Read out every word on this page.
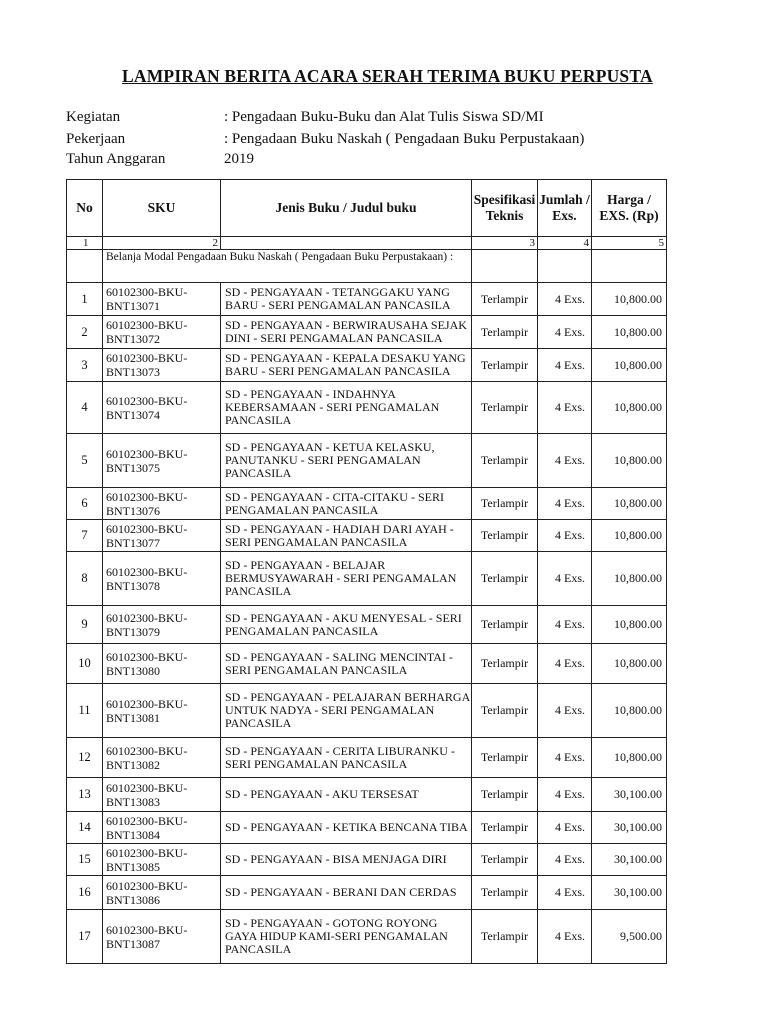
LAMPIRAN BERITA ACARA SERAH TERIMA BUKU PERPUSTA
Kegiatan	: Pengadaan Buku-Buku dan Alat Tulis Siswa SD/MI
Pekerjaan	: Pengadaan Buku Naskah ( Pengadaan Buku Perpustakaan)
Tahun Anggaran	2019
No	SKU	Jenis Buku / Judul buku	Spesifikasi Teknis	Jumlah / Exs.	Harga / EXS. (Rp)
1	2		3	4	5
	Belanja Modal Pengadaan Buku Naskah ( Pengadaan Buku Perpustakaan) :				
1	60102300-BKU-BNT13071	SD - PENGAYAAN - TETANGGAKU YANG BARU - SERI PENGAMALAN PANCASILA	Terlampir	4 Exs.	10,800.00
2	60102300-BKU-BNT13072	SD - PENGAYAAN - BERWIRAUSAHA SEJAK DINI - SERI PENGAMALAN PANCASILA	Terlampir	4 Exs.	10,800.00
3	60102300-BKU-BNT13073	SD - PENGAYAAN - KEPALA DESAKU YANG BARU - SERI PENGAMALAN PANCASILA	Terlampir	4 Exs.	10,800.00
4	60102300-BKU-BNT13074	SD - PENGAYAAN - INDAHNYA KEBERSAMAAN - SERI PENGAMALAN PANCASILA	Terlampir	4 Exs.	10,800.00
5	60102300-BKU-BNT13075	SD - PENGAYAAN - KETUA KELASKU, PANUTANKU - SERI PENGAMALAN PANCASILA	Terlampir	4 Exs.	10,800.00
6	60102300-BKU-BNT13076	SD - PENGAYAAN - CITA-CITAKU - SERI PENGAMALAN PANCASILA	Terlampir	4 Exs.	10,800.00
7	60102300-BKU-BNT13077	SD - PENGAYAAN - HADIAH DARI AYAH - SERI PENGAMALAN PANCASILA	Terlampir	4 Exs.	10,800.00
8	60102300-BKU-BNT13078	SD - PENGAYAAN - BELAJAR BERMUSYAWARAH - SERI PENGAMALAN PANCASILA	Terlampir	4 Exs.	10,800.00
9	60102300-BKU-BNT13079	SD - PENGAYAAN - AKU MENYESAL - SERI PENGAMALAN PANCASILA	Terlampir	4 Exs.	10,800.00
10	60102300-BKU-BNT13080	SD - PENGAYAAN - SALING MENCINTAI - SERI PENGAMALAN PANCASILA	Terlampir	4 Exs.	10,800.00
11	60102300-BKU-BNT13081	SD - PENGAYAAN - PELAJARAN BERHARGA UNTUK NADYA - SERI PENGAMALAN PANCASILA	Terlampir	4 Exs.	10,800.00
12	60102300-BKU-BNT13082	SD - PENGAYAAN - CERITA LIBURANKU - SERI PENGAMALAN PANCASILA	Terlampir	4 Exs.	10,800.00
13	60102300-BKU-BNT13083	SD - PENGAYAAN - AKU TERSESAT	Terlampir	4 Exs.	30,100.00
14	60102300-BKU-BNT13084	SD - PENGAYAAN - KETIKA BENCANA TIBA	Terlampir	4 Exs.	30,100.00
15	60102300-BKU-BNT13085	SD - PENGAYAAN - BISA MENJAGA DIRI	Terlampir	4 Exs.	30,100.00
16	60102300-BKU-BNT13086	SD - PENGAYAAN - BERANI DAN CERDAS	Terlampir	4 Exs.	30,100.00
17	60102300-BKU-BNT13087	SD - PENGAYAAN - GOTONG ROYONG GAYA HIDUP KAMI-SERI PENGAMALAN PANCASILA	Terlampir	4 Exs.	9,500.00
